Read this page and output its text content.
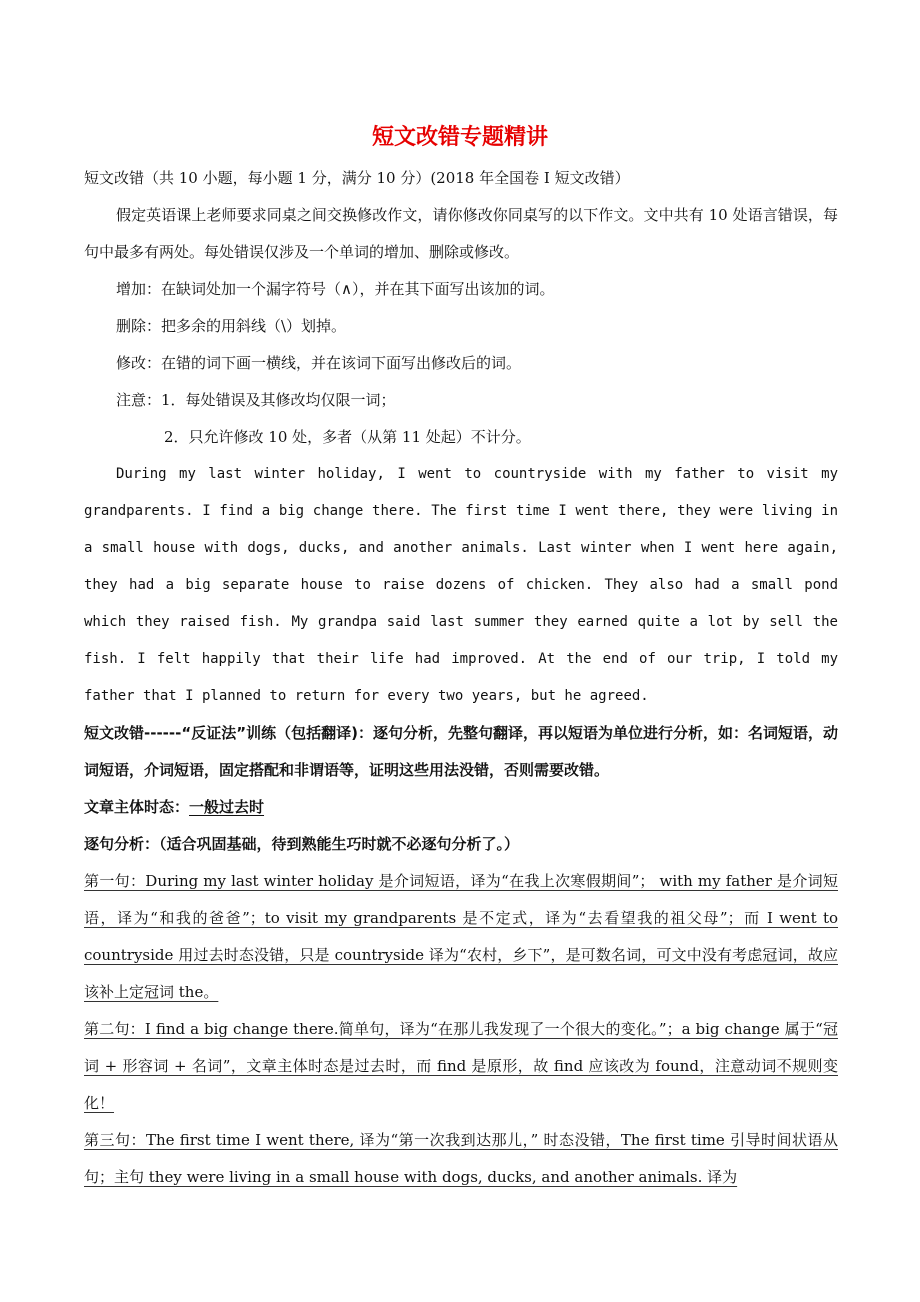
短文改错专题精讲

短文改错（共 10 小题，每小题 1 分，满分 10 分）(2018 年全国卷 I 短文改错）

假定英语课上老师要求同桌之间交换修改作文，请你修改你同桌写的以下作文。文中共有 10 处语言错误，每句中最多有两处。每处错误仅涉及一个单词的增加、删除或修改。

增加：在缺词处加一个漏字符号（∧），并在其下面写出该加的词。

删除：把多余的用斜线（\）划掉。

修改：在错的词下画一横线，并在该词下面写出修改后的词。

注意：1．每处错误及其修改均仅限一词；

2．只允许修改 10 处，多者（从第 11 处起）不计分。

During my last winter holiday, I went to countryside with my father to visit my grandparents. I find a big change there. The first time I went there, they were living in a small house with dogs, ducks, and another animals. Last winter when I went here again, they had a big separate house to raise dozens of chicken. They also had a small pond which they raised fish. My grandpa said last summer they earned quite a lot by sell the fish. I felt happily that their life had improved. At the end of our trip, I told my father that I planned to return for every two years, but he agreed.

短文改错------“反证法”训练（包括翻译)：逐句分析，先整句翻译，再以短语为单位进行分析，如：名词短语，动词短语，介词短语，固定搭配和非谓语等，证明这些用法没错，否则需要改错。

文章主体时态：一般过去时

逐句分析：（适合巩固基础，待到熟能生巧时就不必逐句分析了。）

第一句：During my last winter holiday 是介词短语，译为“在我上次寒假期间”； with my father 是介词短语，译为“和我的爸爸”；to visit my grandparents 是不定式，译为“去看望我的祖父母”；而 I went to countryside 用过去时态没错，只是 countryside 译为“农村，乡下”，是可数名词，可文中没有考虑冠词，故应该补上定冠词 the。

第二句：I find a big change there.简单句，译为“在那儿我发现了一个很大的变化。”；a big change 属于“冠词 + 形容词 + 名词”，文章主体时态是过去时，而 find 是原形，故 find 应该改为 found，注意动词不规则变化！

第三句：The first time I went there, 译为“第一次我到达那儿，” 时态没错，The first time 引导时间状语从句；主句 they were living in a small house with dogs, ducks, and another animals. 译为
